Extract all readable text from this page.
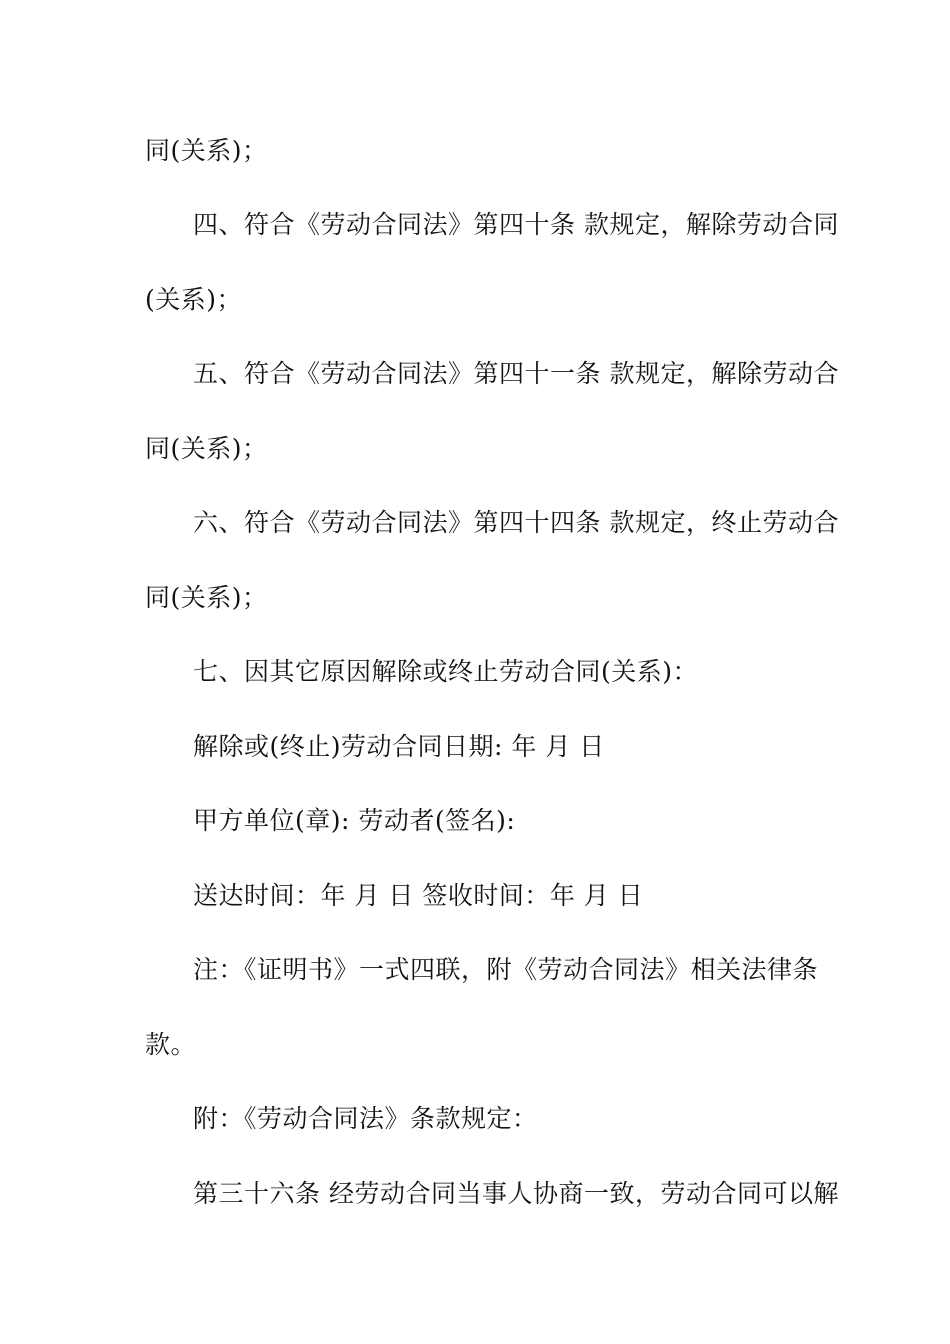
同(关系)；
四、符合《劳动合同法》第四十条 款规定，解除劳动合同
(关系)；
五、符合《劳动合同法》第四十一条 款规定，解除劳动合
同(关系)；
六、符合《劳动合同法》第四十四条 款规定，终止劳动合
同(关系)；
七、因其它原因解除或终止劳动合同(关系)：
解除或(终止)劳动合同日期: 年 月 日
甲方单位(章): 劳动者(签名):
送达时间：年 月 日 签收时间：年 月 日
注：《证明书》一式四联，附《劳动合同法》相关法律条
款。
附：《劳动合同法》条款规定：
第三十六条 经劳动合同当事人协商一致，劳动合同可以解
